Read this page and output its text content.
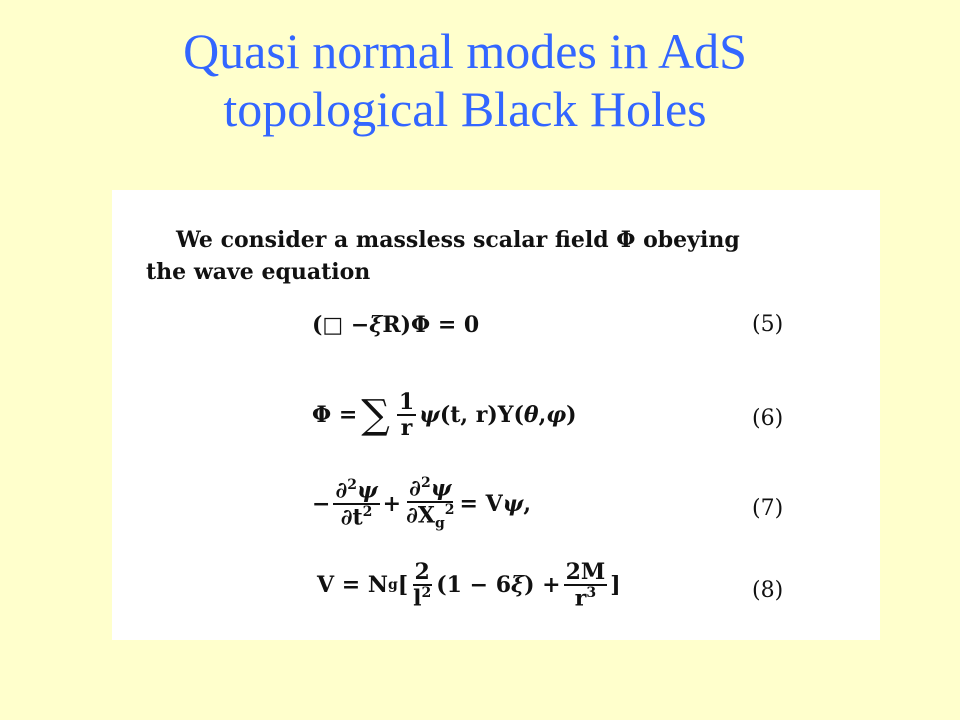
Quasi normal modes in AdS
topological Black Holes
We consider a massless scalar field Φ obeying
the wave equation
(□ − ξ R)Φ = 0	(5)
Φ = ∑ $\frac{1}{r}$ ψ (t, r)Y( θ , φ )	(6)
− $\frac{\partial^2\psi}{\partial t^2} + \frac{\partial^2\psi}{\partial X_g^2} = V$ ψ ,	(7)
V = N g [ $\frac{2}{l^2} (1 - 6$ ξ ) + $\frac{2M}{r^3}$ ]	(8)
